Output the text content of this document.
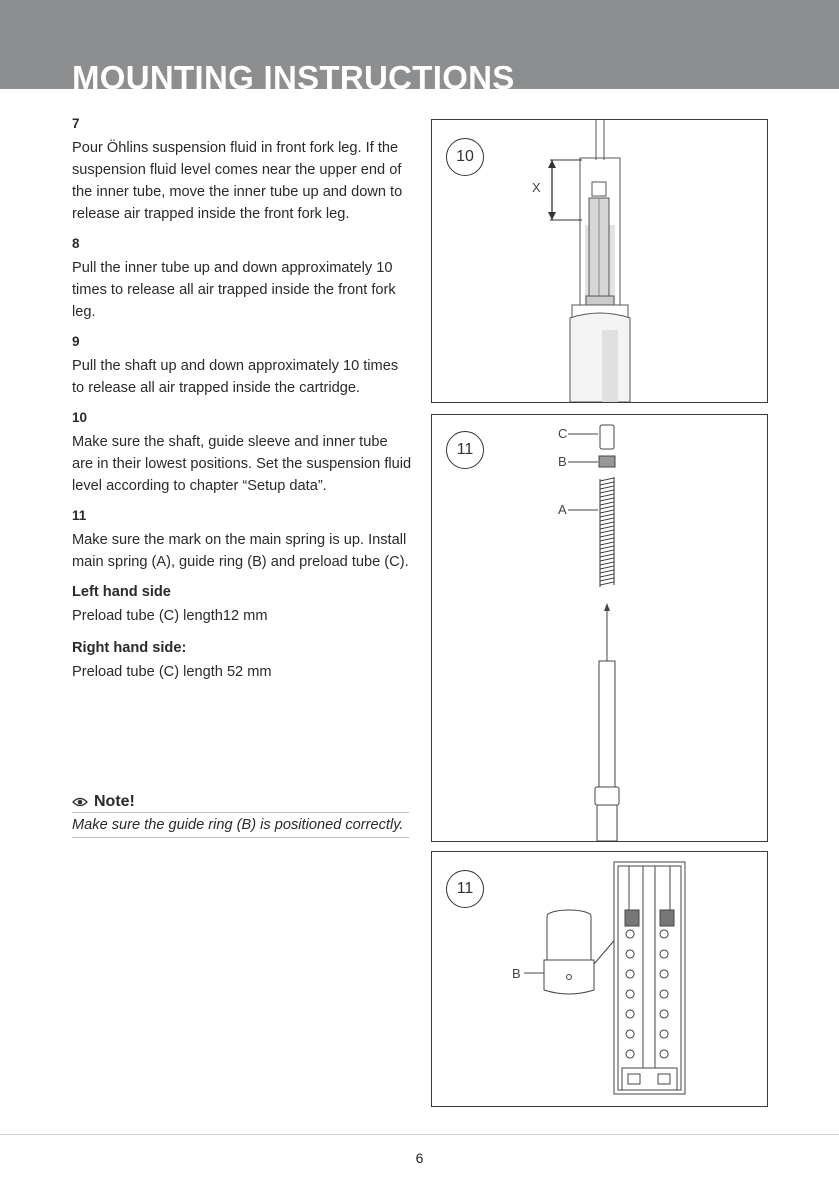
MOUNTING INSTRUCTIONS
7

Pour Öhlins suspension fluid in front fork leg. If the suspension fluid level comes near the upper end of the inner tube, move the inner tube up and down to release air trapped inside the front fork leg.

8

Pull the inner tube up and down approximately 10 times to release all air trapped inside the front fork leg.

9

Pull the shaft up and down approximately 10 times to release all air trapped inside the cartridge.

10

Make sure the shaft, guide sleeve and inner tube are in their lowest positions. Set the suspension fluid level according to chapter “Setup data”.

11

Make sure the mark on the main spring is up. Install main spring (A), guide ring (B) and preload tube (C).

Left hand side
Preload tube (C) length12 mm
Right hand side:
Preload tube (C) length 52 mm
Note!
Make sure the guide ring (B) is positioned correctly.
10
X
11
C
B
A
11
B
6
